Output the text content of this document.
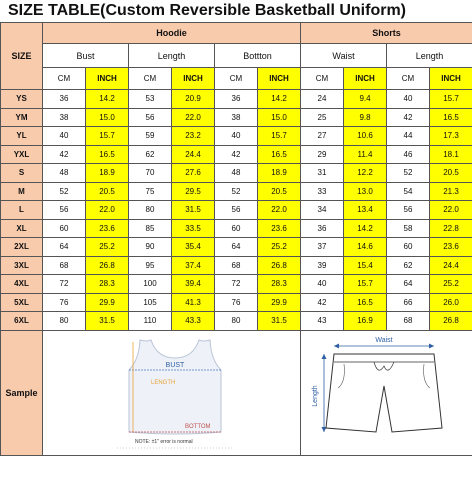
SIZE TABLE(Custom Reversible Basketball Uniform)
SIZE	Hoodie						Shorts			
	Bust		Length		Bottton		Waist		Length	
	CM	INCH	CM	INCH	CM	INCH	CM	INCH	CM	INCH
YS	36	14.2	53	20.9	36	14.2	24	9.4	40	15.7
YM	38	15.0	56	22.0	38	15.0	25	9.8	42	16.5
YL	40	15.7	59	23.2	40	15.7	27	10.6	44	17.3
YXL	42	16.5	62	24.4	42	16.5	29	11.4	46	18.1
S	48	18.9	70	27.6	48	18.9	31	12.2	52	20.5
M	52	20.5	75	29.5	52	20.5	33	13.0	54	21.3
L	56	22.0	80	31.5	56	22.0	34	13.4	56	22.0
XL	60	23.6	85	33.5	60	23.6	36	14.2	58	22.8
2XL	64	25.2	90	35.4	64	25.2	37	14.6	60	23.6
3XL	68	26.8	95	37.4	68	26.8	39	15.4	62	24.4
4XL	72	28.3	100	39.4	72	28.3	40	15.7	64	25.2
5XL	76	29.9	105	41.3	76	29.9	42	16.5	66	26.0
6XL	80	31.5	110	43.3	80	31.5	43	16.9	68	26.8
Sample	BUST
LENGTH
BOTTOM
NOTE: ±1" error is normal						Waist
Length			
